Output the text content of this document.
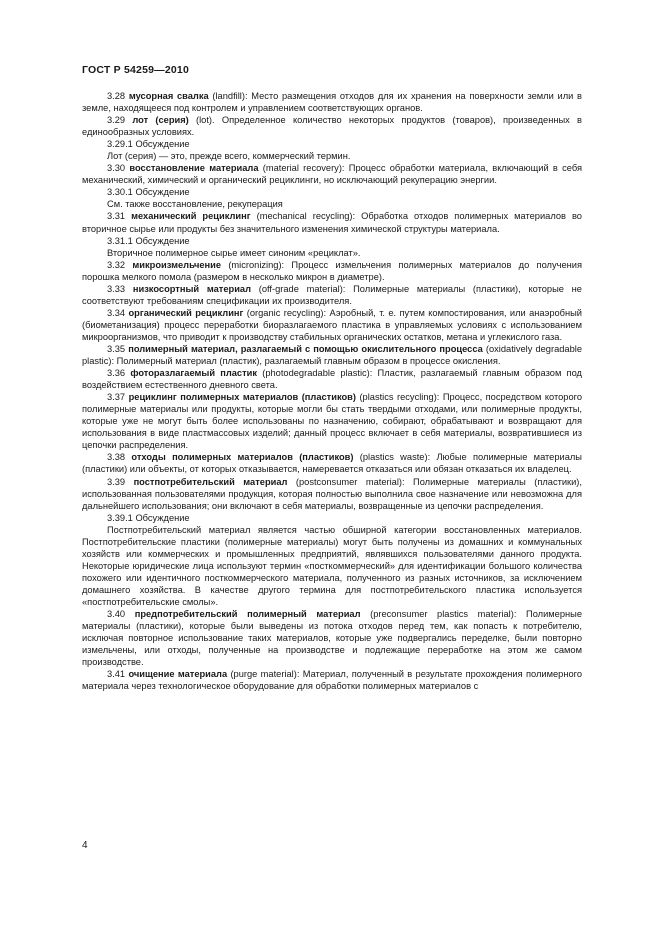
ГОСТ Р 54259—2010

3.28 мусорная свалка (landfill): Место размещения отходов для их хранения на поверхности земли или в земле, находящееся под контролем и управлением соответствующих органов.

3.29 лот (серия) (lot). Определенное количество некоторых продуктов (товаров), произведенных в единообразных условиях.

3.29.1 Обсуждение

Лот (серия) — это, прежде всего, коммерческий термин.

3.30 восстановление материала (material recovery): Процесс обработки материала, включающий в себя механический, химический и органический рециклинги, но исключающий рекуперацию энергии.

3.30.1 Обсуждение

См. также восстановление, рекуперация

3.31 механический рециклинг (mechanical recycling): Обработка отходов полимерных материалов во вторичное сырье или продукты без значительного изменения химической структуры материала.

3.31.1 Обсуждение

Вторичное полимерное сырье имеет синоним «рециклат».

3.32 микроизмельчение (micronizing): Процесс измельчения полимерных материалов до получения порошка мелкого помола (размером в несколько микрон в диаметре).

3.33 низкосортный материал (off-grade material): Полимерные материалы (пластики), которые не соответствуют требованиям спецификации их производителя.

3.34 органический рециклинг (organic recycling): Аэробный, т. е. путем компостирования, или анаэробный (биометанизация) процесс переработки биоразлагаемого пластика в управляемых условиях с использованием микроорганизмов, что приводит к производству стабильных органических остатков, метана и углекислого газа.

3.35 полимерный материал, разлагаемый с помощью окислительного процесса (oxidatively degradable plastic): Полимерный материал (пластик), разлагаемый главным образом в процессе окисления.

3.36 фоторазлагаемый пластик (photodegradable plastic): Пластик, разлагаемый главным образом под воздействием естественного дневного света.

3.37 рециклинг полимерных материалов (пластиков) (plastics recycling): Процесс, посредством которого полимерные материалы или продукты, которые могли бы стать твердыми отходами, или полимерные продукты, которые уже не могут быть более использованы по назначению, собирают, обрабатывают и возвращают для использования в виде пластмассовых изделий; данный процесс включает в себя материалы, возвратившиеся из цепочки распределения.

3.38 отходы полимерных материалов (пластиков) (plastics waste): Любые полимерные материалы (пластики) или объекты, от которых отказывается, намеревается отказаться или обязан отказаться их владелец.

3.39 постпотребительский материал (postconsumer material): Полимерные материалы (пластики), использованная пользователями продукция, которая полностью выполнила свое назначение или невозможна для дальнейшего использования; они включают в себя материалы, возвращенные из цепочки распределения.

3.39.1 Обсуждение

Постпотребительский материал является частью обширной категории восстановленных материалов. Постпотребительские пластики (полимерные материалы) могут быть получены из домашних и коммунальных хозяйств или коммерческих и промышленных предприятий, являвшихся пользователями данного продукта. Некоторые юридические лица используют термин «посткоммерческий» для идентификации большого количества похожего или идентичного посткоммерческого материала, полученного из разных источников, за исключением домашнего хозяйства. В качестве другого термина для постпотребительского пластика используется «постпотребительские смолы».

3.40 предпотребительский полимерный материал (preconsumer plastics material): Полимерные материалы (пластики), которые были выведены из потока отходов перед тем, как попасть к потребителю, исключая повторное использование таких материалов, которые уже подвергались переделке, были повторно измельчены, или отходы, полученные на производстве и подлежащие переработке на этом же самом производстве.

3.41 очищение материала (purge material): Материал, полученный в результате прохождения полимерного материала через технологическое оборудование для обработки полимерных материалов с

4
